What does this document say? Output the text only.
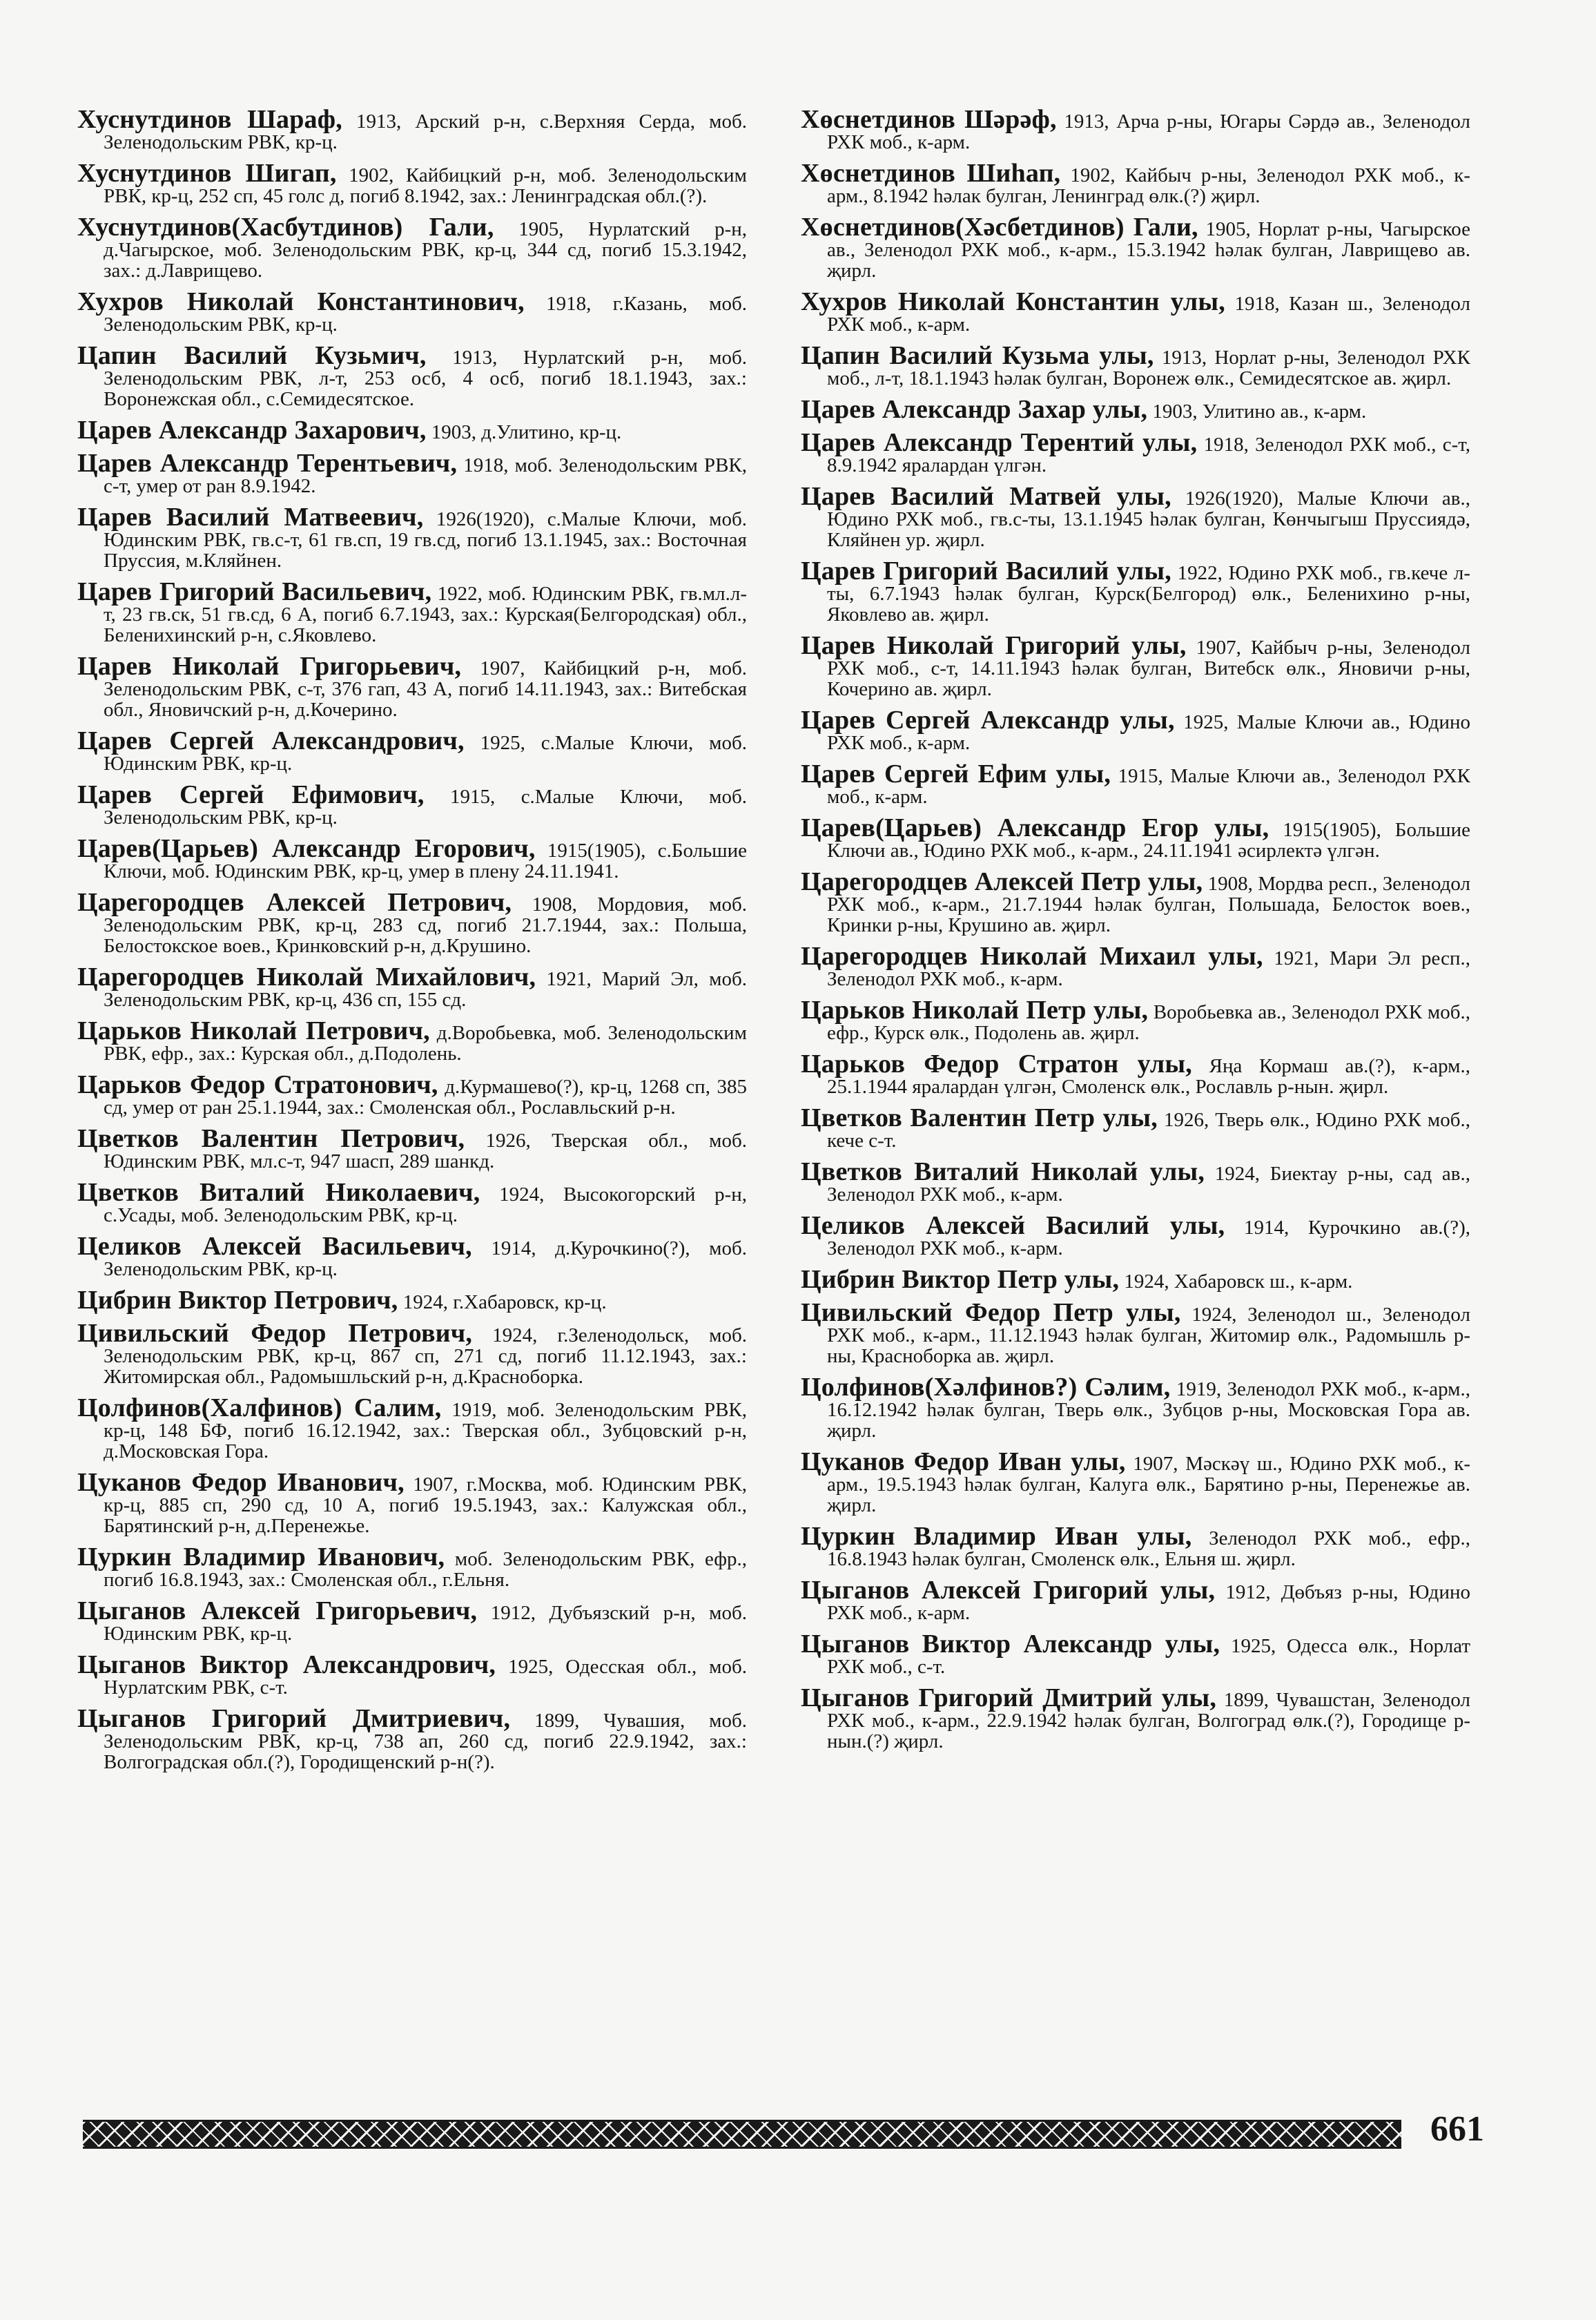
Хуснутдинов Шараф, 1913, Арский р-н, с.Верхняя Серда, моб. Зеленодольским РВК, кр-ц.

Хуснутдинов Шигап, 1902, Кайбицкий р-н, моб. Зеленодольским РВК, кр-ц, 252 сп, 45 голс д, погиб 8.1942, зах.: Ленинградская обл.(?).

Хуснутдинов(Хасбутдинов) Гали, 1905, Нурлатский р-н, д.Чагырское, моб. Зеленодольским РВК, кр-ц, 344 сд, погиб 15.3.1942, зах.: д.Лаврищево.

Хухров Николай Константинович, 1918, г.Казань, моб. Зеленодольским РВК, кр-ц.

Цапин Василий Кузьмич, 1913, Нурлатский р-н, моб. Зеленодольским РВК, л-т, 253 осб, 4 осб, погиб 18.1.1943, зах.: Воронежская обл., с.Семидесятское.

Царев Александр Захарович, 1903, д.Улитино, кр-ц.

Царев Александр Терентьевич, 1918, моб. Зеленодольским РВК, с-т, умер от ран 8.9.1942.

Царев Василий Матвеевич, 1926(1920), с.Малые Ключи, моб. Юдинским РВК, гв.с-т, 61 гв.сп, 19 гв.сд, погиб 13.1.1945, зах.: Восточная Пруссия, м.Кляйнен.

Царев Григорий Васильевич, 1922, моб. Юдинским РВК, гв.мл.л-т, 23 гв.ск, 51 гв.сд, 6 А, погиб 6.7.1943, зах.: Курская(Белгородская) обл., Беленихинский р-н, с.Яковлево.

Царев Николай Григорьевич, 1907, Кайбицкий р-н, моб. Зеленодольским РВК, с-т, 376 гап, 43 А, погиб 14.11.1943, зах.: Витебская обл., Яновичский р-н, д.Кочерино.

Царев Сергей Александрович, 1925, с.Малые Ключи, моб. Юдинским РВК, кр-ц.

Царев Сергей Ефимович, 1915, с.Малые Ключи, моб. Зеленодольским РВК, кр-ц.

Царев(Царьев) Александр Егорович, 1915(1905), с.Большие Ключи, моб. Юдинским РВК, кр-ц, умер в плену 24.11.1941.

Царегородцев Алексей Петрович, 1908, Мордовия, моб. Зеленодольским РВК, кр-ц, 283 сд, погиб 21.7.1944, зах.: Польша, Белостокское воев., Кринковский р-н, д.Крушино.

Царегородцев Николай Михайлович, 1921, Марий Эл, моб. Зеленодольским РВК, кр-ц, 436 сп, 155 сд.

Царьков Николай Петрович, д.Воробьевка, моб. Зеленодольским РВК, ефр., зах.: Курская обл., д.Подолень.

Царьков Федор Стратонович, д.Курмашево(?), кр-ц, 1268 сп, 385 сд, умер от ран 25.1.1944, зах.: Смоленская обл., Рославльский р-н.

Цветков Валентин Петрович, 1926, Тверская обл., моб. Юдинским РВК, мл.с-т, 947 шасп, 289 шанкд.

Цветков Виталий Николаевич, 1924, Высокогорский р-н, с.Усады, моб. Зеленодольским РВК, кр-ц.

Целиков Алексей Васильевич, 1914, д.Курочкино(?), моб. Зеленодольским РВК, кр-ц.

Цибрин Виктор Петрович, 1924, г.Хабаровск, кр-ц.

Цивильский Федор Петрович, 1924, г.Зеленодольск, моб. Зеленодольским РВК, кр-ц, 867 сп, 271 сд, погиб 11.12.1943, зах.: Житомирская обл., Радомышльский р-н, д.Красноборка.

Цолфинов(Халфинов) Салим, 1919, моб. Зеленодольским РВК, кр-ц, 148 БФ, погиб 16.12.1942, зах.: Тверская обл., Зубцовский р-н, д.Московская Гора.

Цуканов Федор Иванович, 1907, г.Москва, моб. Юдинским РВК, кр-ц, 885 сп, 290 сд, 10 А, погиб 19.5.1943, зах.: Калужская обл., Барятинский р-н, д.Перенежье.

Цуркин Владимир Иванович, моб. Зеленодольским РВК, ефр., погиб 16.8.1943, зах.: Смоленская обл., г.Ельня.

Цыганов Алексей Григорьевич, 1912, Дубъязский р-н, моб. Юдинским РВК, кр-ц.

Цыганов Виктор Александрович, 1925, Одесская обл., моб. Нурлатским РВК, с-т.

Цыганов Григорий Дмитриевич, 1899, Чувашия, моб. Зеленодольским РВК, кр-ц, 738 ап, 260 сд, погиб 22.9.1942, зах.: Волгоградская обл.(?), Городищенский р-н(?).

Хөснетдинов Шәрәф, 1913, Арча р-ны, Югары Сәрдә ав., Зеленодол РХК моб., к-арм.

Хөснетдинов Шиһап, 1902, Кайбыч р-ны, Зеленодол РХК моб., к-арм., 8.1942 һәлак булган, Ленинград өлк.(?) җирл.

Хөснетдинов(Хәсбетдинов) Гали, 1905, Норлат р-ны, Чагырское ав., Зеленодол РХК моб., к-арм., 15.3.1942 һәлак булган, Лаврищево ав. җирл.

Хухров Николай Константин улы, 1918, Казан ш., Зеленодол РХК моб., к-арм.

Цапин Василий Кузьма улы, 1913, Норлат р-ны, Зеленодол РХК моб., л-т, 18.1.1943 һәлак булган, Воронеж өлк., Семидесятское ав. җирл.

Царев Александр Захар улы, 1903, Улитино ав., к-арм.

Царев Александр Терентий улы, 1918, Зеленодол РХК моб., с-т, 8.9.1942 яралардан үлгән.

Царев Василий Матвей улы, 1926(1920), Малые Ключи ав., Юдино РХК моб., гв.с-ты, 13.1.1945 һәлак булган, Көнчыгыш Пруссиядә, Кляйнен ур. җирл.

Царев Григорий Василий улы, 1922, Юдино РХК моб., гв.кече л-ты, 6.7.1943 һәлак булган, Курск(Белгород) өлк., Беленихино р-ны, Яковлево ав. җирл.

Царев Николай Григорий улы, 1907, Кайбыч р-ны, Зеленодол РХК моб., с-т, 14.11.1943 һәлак булган, Витебск өлк., Яновичи р-ны, Кочерино ав. җирл.

Царев Сергей Александр улы, 1925, Малые Ключи ав., Юдино РХК моб., к-арм.

Царев Сергей Ефим улы, 1915, Малые Ключи ав., Зеленодол РХК моб., к-арм.

Царев(Царьев) Александр Егор улы, 1915(1905), Большие Ключи ав., Юдино РХК моб., к-арм., 24.11.1941 әсирлектә үлгән.

Царегородцев Алексей Петр улы, 1908, Мордва респ., Зеленодол РХК моб., к-арм., 21.7.1944 һәлак булган, Польшада, Белосток воев., Кринки р-ны, Крушино ав. җирл.

Царегородцев Николай Михаил улы, 1921, Мари Эл респ., Зеленодол РХК моб., к-арм.

Царьков Николай Петр улы, Воробьевка ав., Зеленодол РХК моб., ефр., Курск өлк., Подолень ав. җирл.

Царьков Федор Стратон улы, Яңа Кормаш ав.(?), к-арм., 25.1.1944 яралардан үлгән, Смоленск өлк., Рославль р-нын. җирл.

Цветков Валентин Петр улы, 1926, Тверь өлк., Юдино РХК моб., кече с-т.

Цветков Виталий Николай улы, 1924, Биектау р-ны, сад ав., Зеленодол РХК моб., к-арм.

Целиков Алексей Василий улы, 1914, Курочкино ав.(?), Зеленодол РХК моб., к-арм.

Цибрин Виктор Петр улы, 1924, Хабаровск ш., к-арм.

Цивильский Федор Петр улы, 1924, Зеленодол ш., Зеленодол РХК моб., к-арм., 11.12.1943 һәлак булган, Житомир өлк., Радомышль р-ны, Красноборка ав. җирл.

Цолфинов(Хәлфинов?) Сәлим, 1919, Зеленодол РХК моб., к-арм., 16.12.1942 һәлак булган, Тверь өлк., Зубцов р-ны, Московская Гора ав. җирл.

Цуканов Федор Иван улы, 1907, Мәскәү ш., Юдино РХК моб., к-арм., 19.5.1943 һәлак булган, Калуга өлк., Барятино р-ны, Перенежье ав. җирл.

Цуркин Владимир Иван улы, Зеленодол РХК моб., ефр., 16.8.1943 һәлак булган, Смоленск өлк., Ельня ш. җирл.

Цыганов Алексей Григорий улы, 1912, Дөбъяз р-ны, Юдино РХК моб., к-арм.

Цыганов Виктор Александр улы, 1925, Одесса өлк., Норлат РХК моб., с-т.

Цыганов Григорий Дмитрий улы, 1899, Чувашстан, Зеленодол РХК моб., к-арм., 22.9.1942 һәлак булган, Волгоград өлк.(?), Городище р-нын.(?) җирл.

661
